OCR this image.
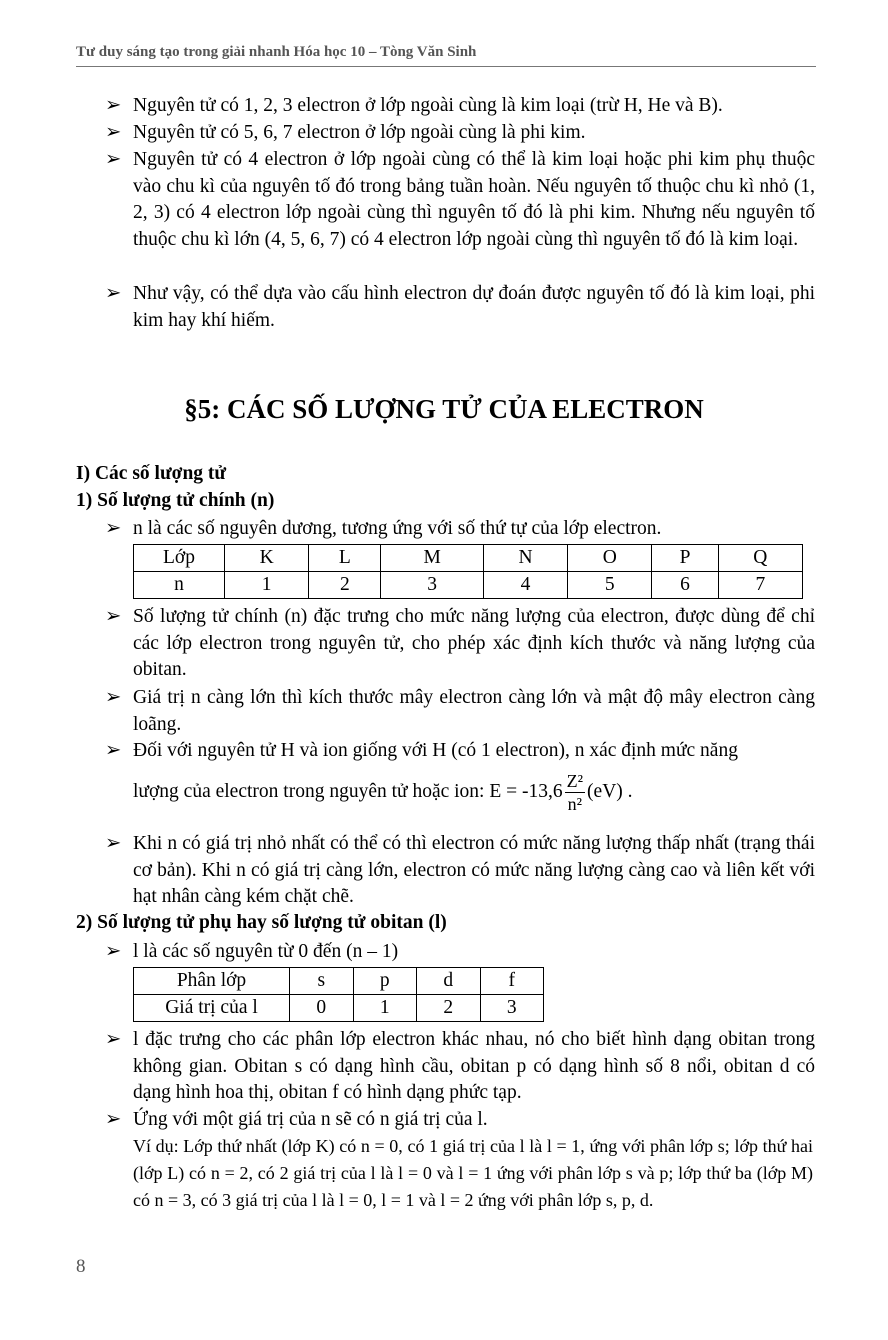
Tư duy sáng tạo trong giải nhanh Hóa học 10 – Tòng Văn Sinh
➢ Nguyên tử có 1, 2, 3 electron ở lớp ngoài cùng là kim loại (trừ H, He và B).
➢ Nguyên tử có 5, 6, 7 electron ở lớp ngoài cùng là phi kim.
➢ Nguyên tử có 4 electron ở lớp ngoài cùng có thể là kim loại hoặc phi kim phụ thuộc vào chu kì của nguyên tố đó trong bảng tuần hoàn. Nếu nguyên tố thuộc chu kì nhỏ (1, 2, 3) có 4 electron lớp ngoài cùng thì nguyên tố đó là phi kim. Nhưng nếu nguyên tố thuộc chu kì lớn (4, 5, 6, 7) có 4 electron lớp ngoài cùng thì nguyên tố đó là kim loại.
➢ Như vậy, có thể dựa vào cấu hình electron dự đoán được nguyên tố đó là kim loại, phi kim hay khí hiếm.
§5: CÁC SỐ LƯỢNG TỬ CỦA ELECTRON
I) Các số lượng tử
1) Số lượng tử chính (n)
➢ n là các số nguyên dương, tương ứng với số thứ tự của lớp electron.
Lớp	K	L	M	N	O	P	Q
n	1	2	3	4	5	6	7
➢ Số lượng tử chính (n) đặc trưng cho mức năng lượng của electron, được dùng để chỉ các lớp electron trong nguyên tử, cho phép xác định kích thước và năng lượng của obitan.
➢ Giá trị n càng lớn thì kích thước mây electron càng lớn và mật độ mây electron càng loãng.
➢ Đối với nguyên tử H và ion giống với H (có 1 electron), n xác định mức năng
lượng của electron trong nguyên tử hoặc ion: $E = -13,6 \frac{\text{Z²}}{\text{n²}} (eV)$ .
➢ Khi n có giá trị nhỏ nhất có thể có thì electron có mức năng lượng thấp nhất (trạng thái cơ bản). Khi n có giá trị càng lớn, electron có mức năng lượng càng cao và liên kết với hạt nhân càng kém chặt chẽ.
2) Số lượng tử phụ hay số lượng tử obitan (l)
➢ l là các số nguyên từ 0 đến (n – 1)
Phân lớp	s	p	d	f
Giá trị của l	0	1	2	3
➢ l đặc trưng cho các phân lớp electron khác nhau, nó cho biết hình dạng obitan trong không gian. Obitan s có dạng hình cầu, obitan p có dạng hình số 8 nổi, obitan d có dạng hình hoa thị, obitan f có hình dạng phức tạp.
➢ Ứng với một giá trị của n sẽ có n giá trị của l.
Ví dụ: Lớp thứ nhất (lớp K) có n = 0, có 1 giá trị của l là l = 1, ứng với phân lớp s; lớp thứ hai (lớp L) có n = 2, có 2 giá trị của l là l = 0 và l = 1 ứng với phân lớp s và p; lớp thứ ba (lớp M) có n = 3, có 3 giá trị của l là l = 0, l = 1 và l = 2 ứng với phân lớp s, p, d.
8
